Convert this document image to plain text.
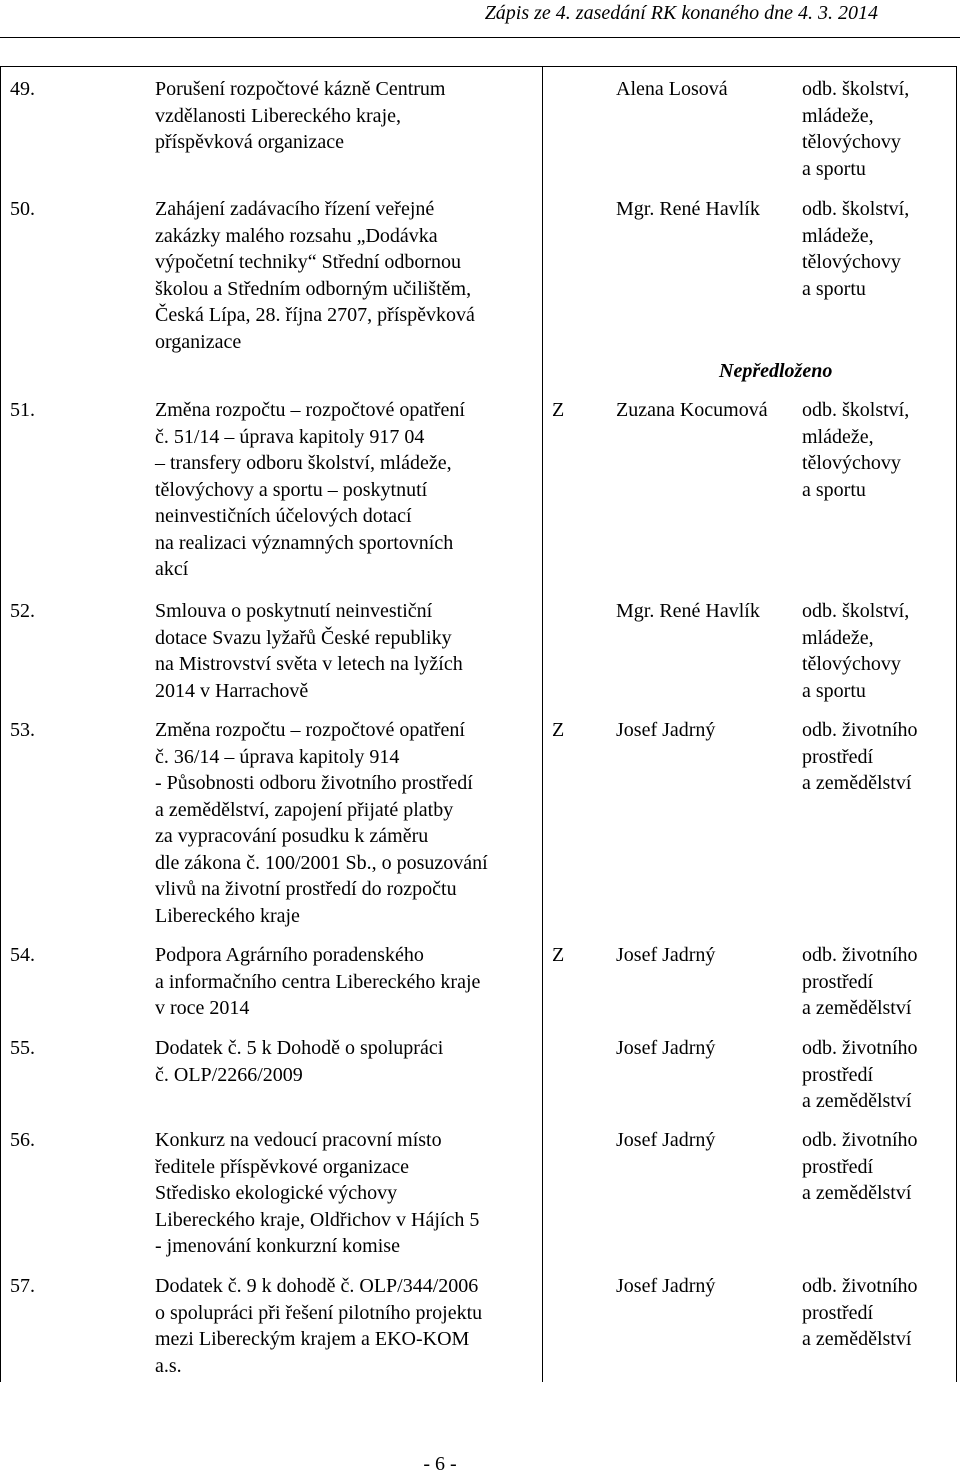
Zápis ze 4. zasedání RK konaného dne 4. 3. 2014
49.	Porušení rozpočtové kázně Centrum
vzdělanosti Libereckého kraje,
příspěvková organizace
Alena Losová	odb. školství,
mládeže,
tělovýchovy
a sportu
50.	Zahájení zadávacího řízení veřejné
zakázky malého rozsahu „Dodávka
výpočetní techniky“ Střední odbornou
školou a Středním odborným učilištěm,
Česká Lípa, 28. října 2707, příspěvková
organizace
Mgr. René Havlík odb. školství,
mládeže,
tělovýchovy
a sportu
Nepředloženo
51.	Změna rozpočtu – rozpočtové opatření
č. 51/14 – úprava kapitoly 917 04
– transfery odboru školství, mládeže,
tělovýchovy a sportu – poskytnutí
neinvestičních účelových dotací
na realizaci významných sportovních
akcí
Z	Zuzana Kocumová odb. školství,
mládeže,
tělovýchovy
a sportu
52.	Smlouva o poskytnutí neinvestiční
dotace Svazu lyžařů České republiky
na Mistrovství světa v letech na lyžích
2014 v Harrachově
Mgr. René Havlík odb. školství,
mládeže,
tělovýchovy
a sportu
53.	Změna rozpočtu – rozpočtové opatření
č. 36/14 – úprava kapitoly 914
- Působnosti odboru životního prostředí
a zemědělství, zapojení přijaté platby
za vypracování posudku k záměru
dle zákona č. 100/2001 Sb., o posuzování
vlivů na životní prostředí do rozpočtu
Libereckého kraje
Z	Josef Jadrný	odb. životního
prostředí
a zemědělství
54.	Podpora Agrárního poradenského
a informačního centra Libereckého kraje
v roce 2014
Z	Josef Jadrný	odb. životního
prostředí
a zemědělství
55.	Dodatek č. 5 k Dohodě o spolupráci
č. OLP/2266/2009
Josef Jadrný	odb. životního
prostředí
a zemědělství
56.	Konkurz na vedoucí pracovní místo
ředitele příspěvkové organizace
Středisko ekologické výchovy
Libereckého kraje, Oldřichov v Hájích 5
- jmenování konkurzní komise
Josef Jadrný	odb. životního
prostředí
a zemědělství
57.	Dodatek č. 9 k dohodě č. OLP/344/2006
o spolupráci při řešení pilotního projektu
mezi Libereckým krajem a EKO-KOM
a.s.
Josef Jadrný	odb. životního
prostředí
a zemědělství
- 6 -
